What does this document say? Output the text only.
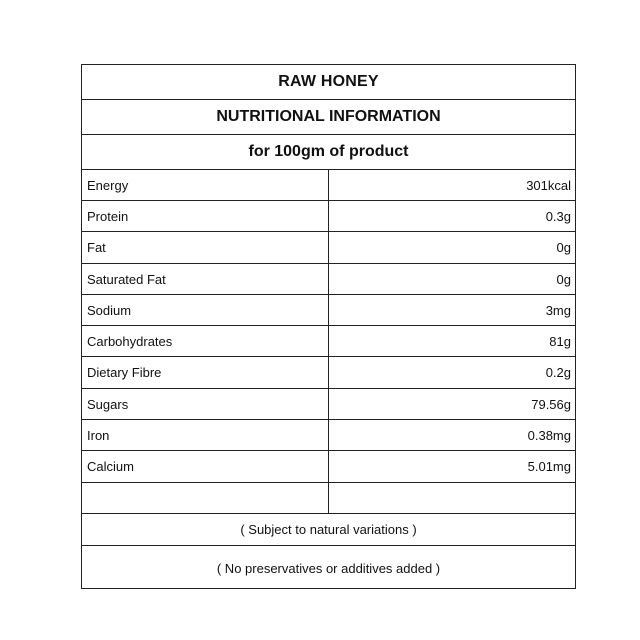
RAW HONEY
NUTRITIONAL INFORMATION
for 100gm of product
Energy	301kcal
Protein	0.3g
Fat	0g
Saturated Fat	0g
Sodium	3mg
Carbohydrates	81g
Dietary Fibre	0.2g
Sugars	79.56g
Iron	0.38mg
Calcium	5.01mg
( Subject to natural variations )
( No preservatives or additives added )
